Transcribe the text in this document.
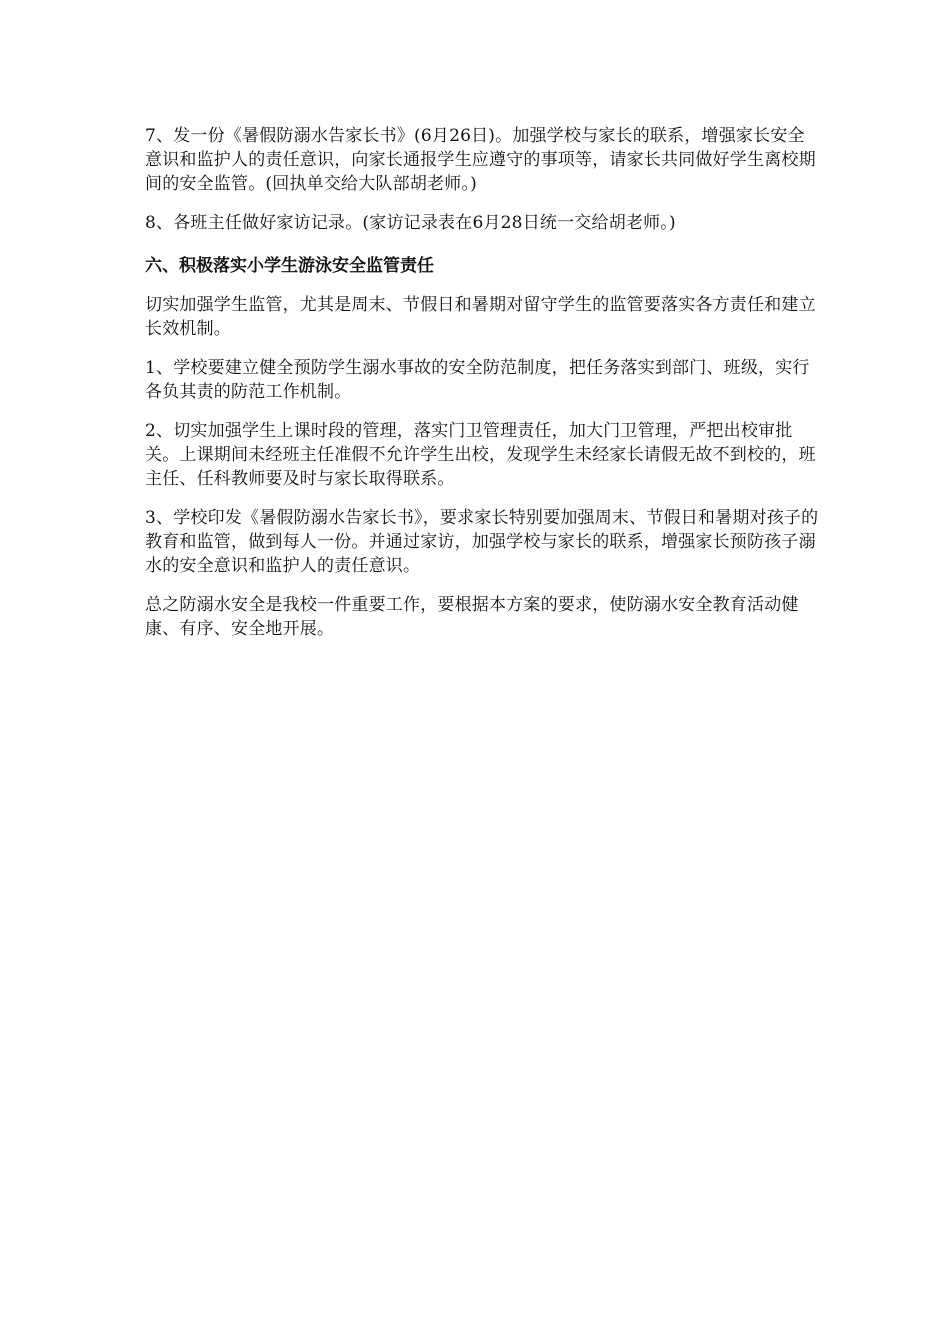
7、发一份《暑假防溺水告家长书》(6月26日)。加强学校与家长的联系，增强家长安全意识和监护人的责任意识，向家长通报学生应遵守的事项等，请家长共同做好学生离校期间的安全监管。(回执单交给大队部胡老师。)

8、各班主任做好家访记录。(家访记录表在6月28日统一交给胡老师。)

六、积极落实小学生游泳安全监管责任

切实加强学生监管，尤其是周末、节假日和暑期对留守学生的监管要落实各方责任和建立长效机制。

1、学校要建立健全预防学生溺水事故的安全防范制度，把任务落实到部门、班级，实行各负其责的防范工作机制。

2、切实加强学生上课时段的管理，落实门卫管理责任，加大门卫管理，严把出校审批关。上课期间未经班主任准假不允许学生出校，发现学生未经家长请假无故不到校的，班主任、任科教师要及时与家长取得联系。

3、学校印发《暑假防溺水告家长书》，要求家长特别要加强周末、节假日和暑期对孩子的教育和监管，做到每人一份。并通过家访，加强学校与家长的联系，增强家长预防孩子溺水的安全意识和监护人的责任意识。

总之防溺水安全是我校一件重要工作，要根据本方案的要求，使防溺水安全教育活动健康、有序、安全地开展。
